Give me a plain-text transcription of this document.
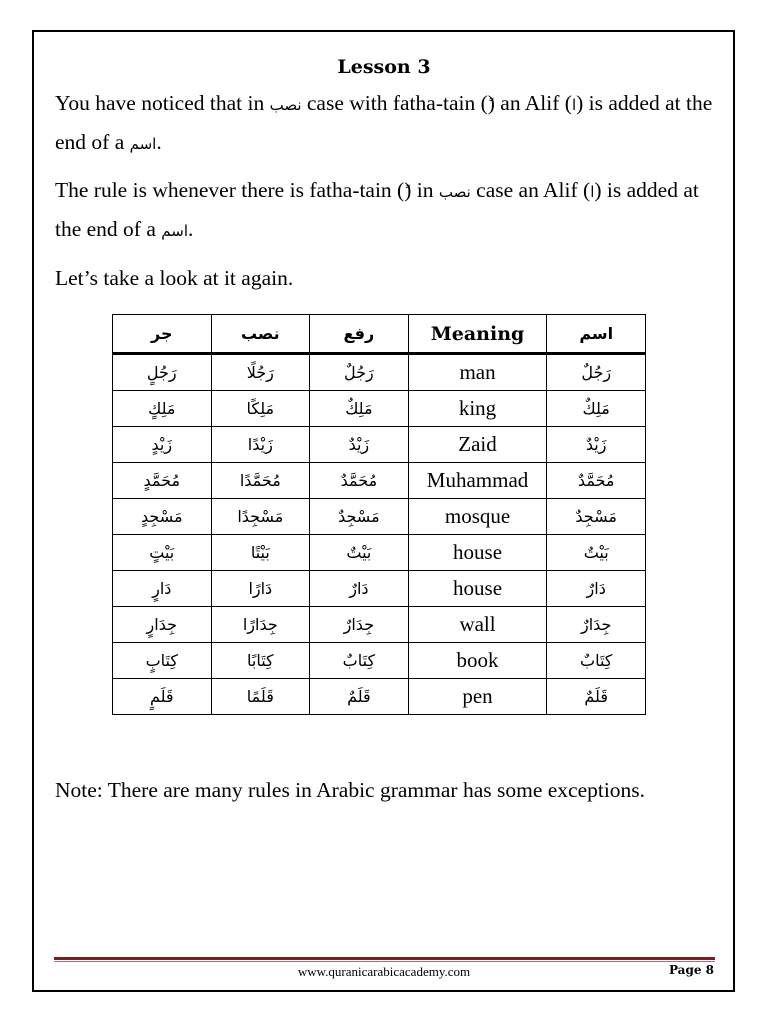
Lesson 3
You have noticed that in نصب case with fatha-tain () an Alif (ا) is added at the end of a اسم.
The rule is whenever there is fatha-tain () in نصب case an Alif (ا) is added at the end of a اسم.
Let’s take a look at it again.
جر	نصب	رفع	Meaning	اسم
رَجُلٍ	رَجُلًا	رَجُلٌ	man	رَجُلٌ
مَلِكٍ	مَلِكًا	مَلِكٌ	king	مَلِكٌ
زَيْدٍ	زَيْدًا	زَيْدٌ	Zaid	زَيْدٌ
مُحَمَّدٍ	مُحَمَّدًا	مُحَمَّدٌ	Muhammad	مُحَمَّدٌ
مَسْجِدٍ	مَسْجِدًا	مَسْجِدٌ	mosque	مَسْجِدٌ
بَيْتٍ	بَيْتًا	بَيْتٌ	house	بَيْتٌ
دَارٍ	دَارًا	دَارٌ	house	دَارٌ
جِدَارٍ	جِدَارًا	جِدَارٌ	wall	جِدَارٌ
كِتَابٍ	كِتَابًا	كِتَابٌ	book	كِتَابٌ
قَلَمٍ	قَلَمًا	قَلَمٌ	pen	قَلَمٌ
Note: There are many rules in Arabic grammar has some exceptions.
www.quranicarabicacademy.com	Page 8
